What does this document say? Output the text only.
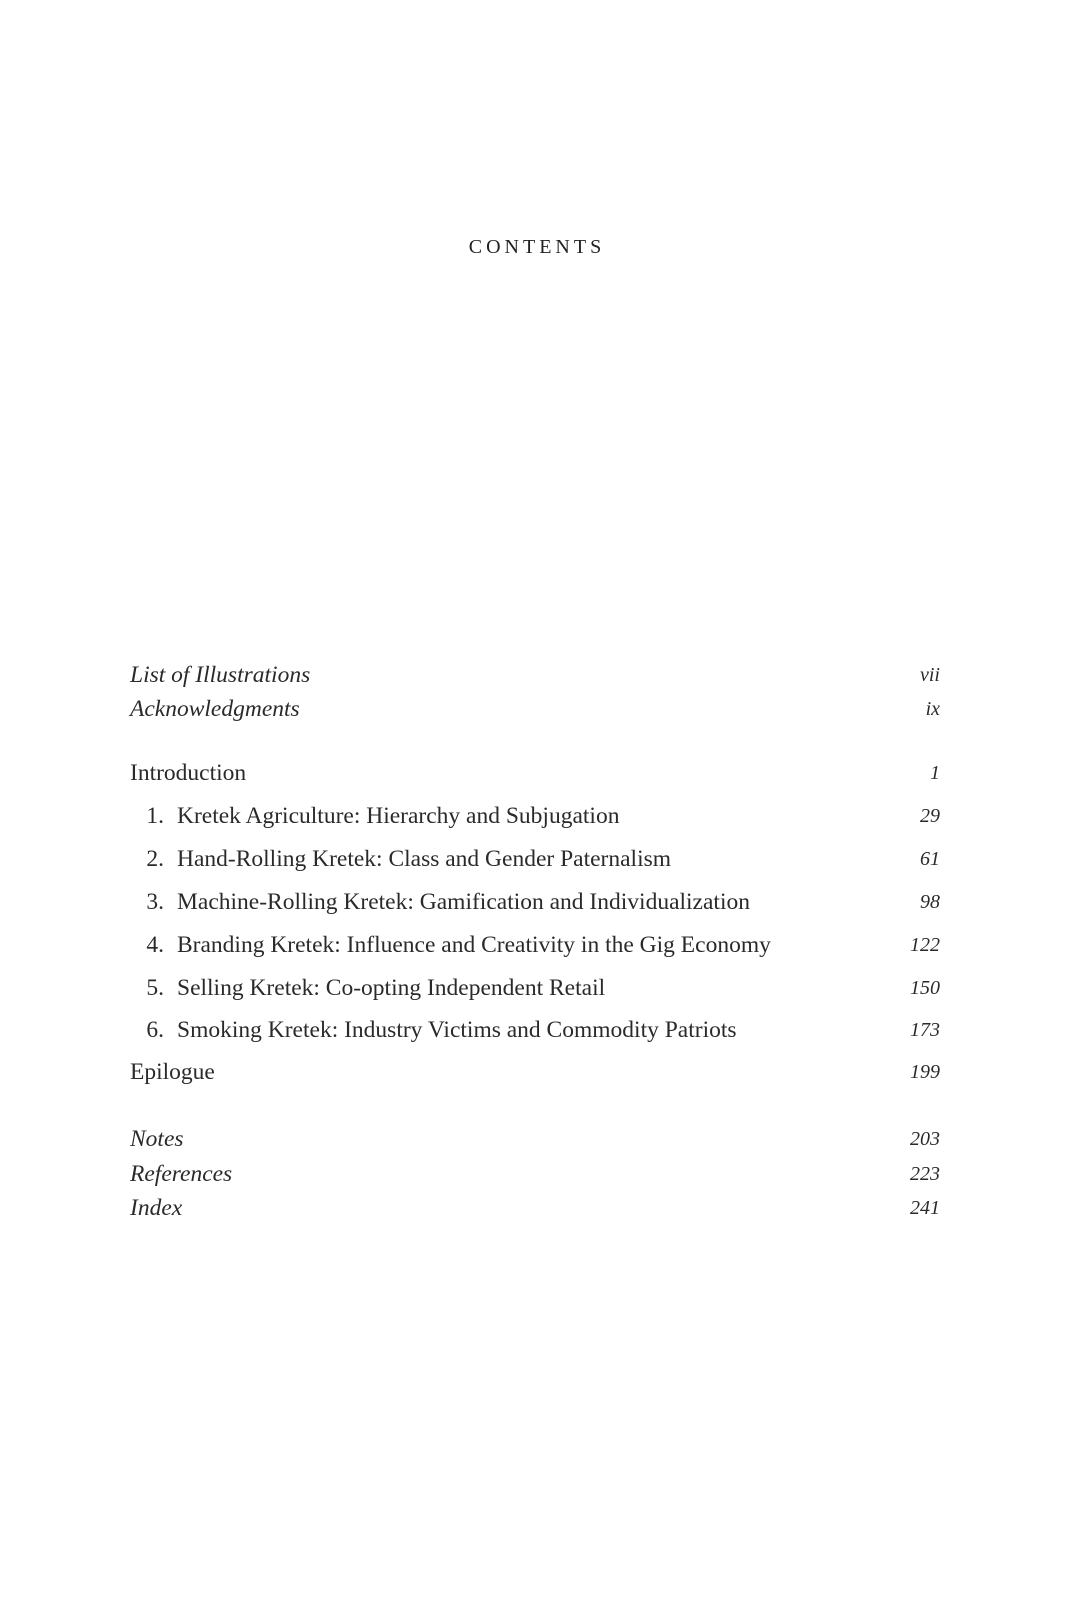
CONTENTS
List of Illustrations	vii
Acknowledgments	ix
Introduction	1
1. Kretek Agriculture: Hierarchy and Subjugation	29
2. Hand-Rolling Kretek: Class and Gender Paternalism	61
3. Machine-Rolling Kretek: Gamification and Individualization	98
4. Branding Kretek: Influence and Creativity in the Gig Economy	122
5. Selling Kretek: Co-opting Independent Retail	150
6. Smoking Kretek: Industry Victims and Commodity Patriots	173
Epilogue	199
Notes	203
References	223
Index	241
